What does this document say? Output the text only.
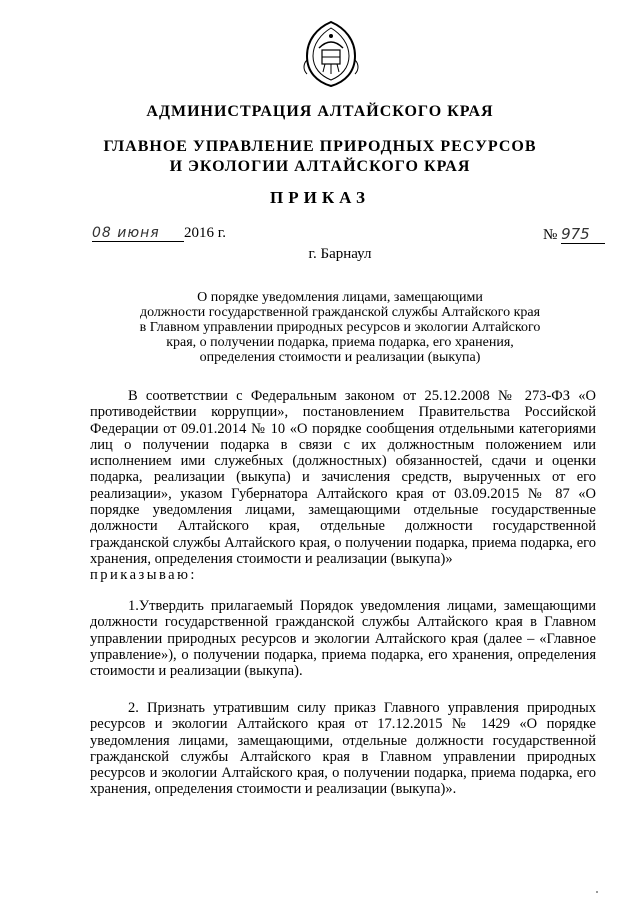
АДМИНИСТРАЦИЯ АЛТАЙСКОГО КРАЯ
ГЛАВНОЕ УПРАВЛЕНИЕ ПРИРОДНЫХ РЕСУРСОВ
И ЭКОЛОГИИ АЛТАЙСКОГО КРАЯ
ПРИКАЗ
08 июня 2016 г.	№ 975
г. Барнаул
О порядке уведомления лицами, замещающими
должности государственной гражданской службы Алтайского края
в Главном управлении природных ресурсов и экологии Алтайского
края, о получении подарка, приема подарка, его хранения,
определения стоимости и реализации (выкупа)
В соответствии с Федеральным законом от 25.12.2008 № 273-ФЗ «О противодействии коррупции», постановлением Правительства Российской Федерации от 09.01.2014 № 10 «О порядке сообщения отдельными категориями лиц о получении подарка в связи с их должностным положением или исполнением ими служебных (должностных) обязанностей, сдачи и оценки подарка, реализации (выкупа) и зачисления средств, вырученных от его реализации», указом Губернатора Алтайского края от 03.09.2015 № 87 «О порядке уведомления лицами, замещающими отдельные государственные должности Алтайского края, отдельные должности государственной гражданской службы Алтайского края, о получении подарка, приема подарка, его хранения, определения стоимости и реализации (выкупа)»
приказываю:
1.Утвердить прилагаемый Порядок уведомления лицами, замещающими должности государственной гражданской службы Алтайского края в Главном управлении природных ресурсов и экологии Алтайского края (далее – «Главное управление»), о получении подарка, приема подарка, его хранения, определения стоимости и реализации (выкупа).
2. Признать утратившим силу приказ Главного управления природных ресурсов и экологии Алтайского края от 17.12.2015 № 1429 «О порядке уведомления лицами, замещающими, отдельные должности государственной гражданской службы Алтайского края в Главном управлении природных ресурсов и экологии Алтайского края, о получении подарка, приема подарка, его хранения, определения стоимости и реализации (выкупа)».
